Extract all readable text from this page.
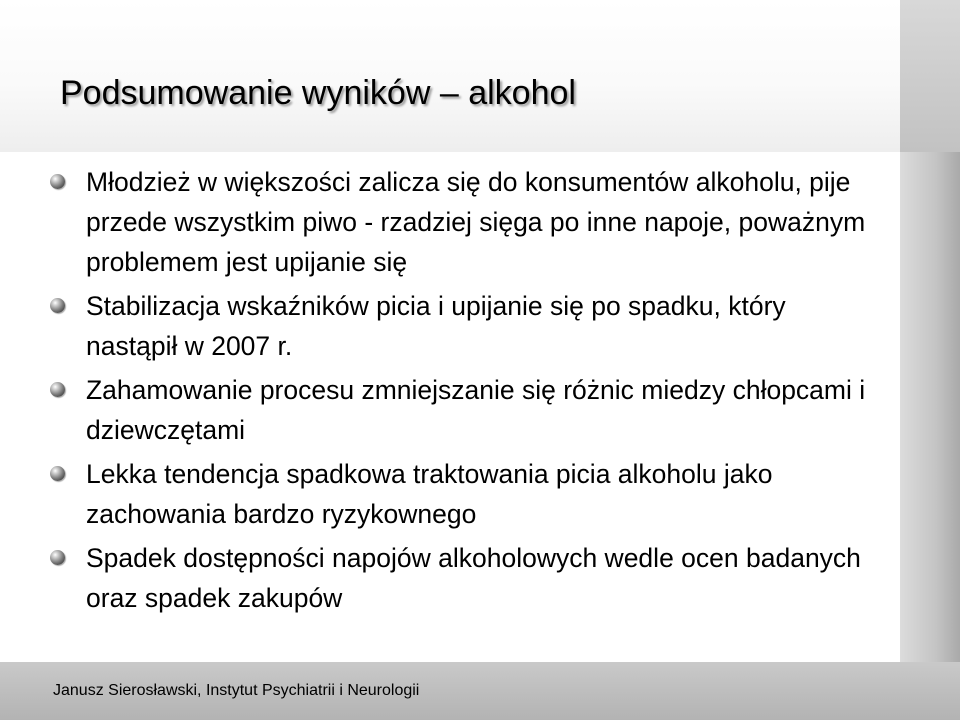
Podsumowanie wyników – alkohol
Młodzież w większości zalicza się do konsumentów alkoholu, pije przede wszystkim piwo - rzadziej sięga po inne napoje, poważnym problemem jest upijanie się
Stabilizacja wskaźników picia i upijanie się po spadku, który nastąpił w 2007 r.
Zahamowanie procesu zmniejszanie się różnic miedzy chłopcami i dziewczętami
Lekka tendencja spadkowa traktowania picia alkoholu jako zachowania bardzo ryzykownego
Spadek dostępności napojów alkoholowych wedle ocen badanych oraz spadek zakupów
Janusz Sierosławski, Instytut Psychiatrii i Neurologii
